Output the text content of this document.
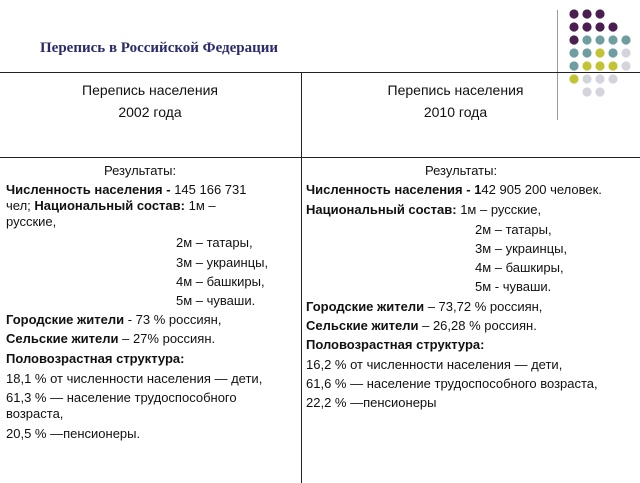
Перепись в Российской Федерации
Перепись населения
2002 года
Перепись населения
2010 года
Результаты:
Численность населения - 145 166 731
чел; Национальный состав: 1м –
русские,
2м – татары,
3м – украинцы,
4м – башкиры,
5м – чуваши.
Городские жители - 73 % россиян,
Сельские жители – 27% россиян.
Половозрастная структура:
18,1 % от численности населения — дети,
61,3 % — население трудоспособного
возраста,
20,5 % —пенсионеры.
Результаты:
Численность населения - 142 905 200 человек.
Национальный состав: 1м – русские,
2м – татары,
3м – украинцы,
4м – башкиры,
5м - чуваши.
Городские жители – 73,72 % россиян,
Сельские жители – 26,28 % россиян.
Половозрастная структура:
16,2 % от численности населения — дети,
61,6 % — население трудоспособного возраста,
22,2 % —пенсионеры
